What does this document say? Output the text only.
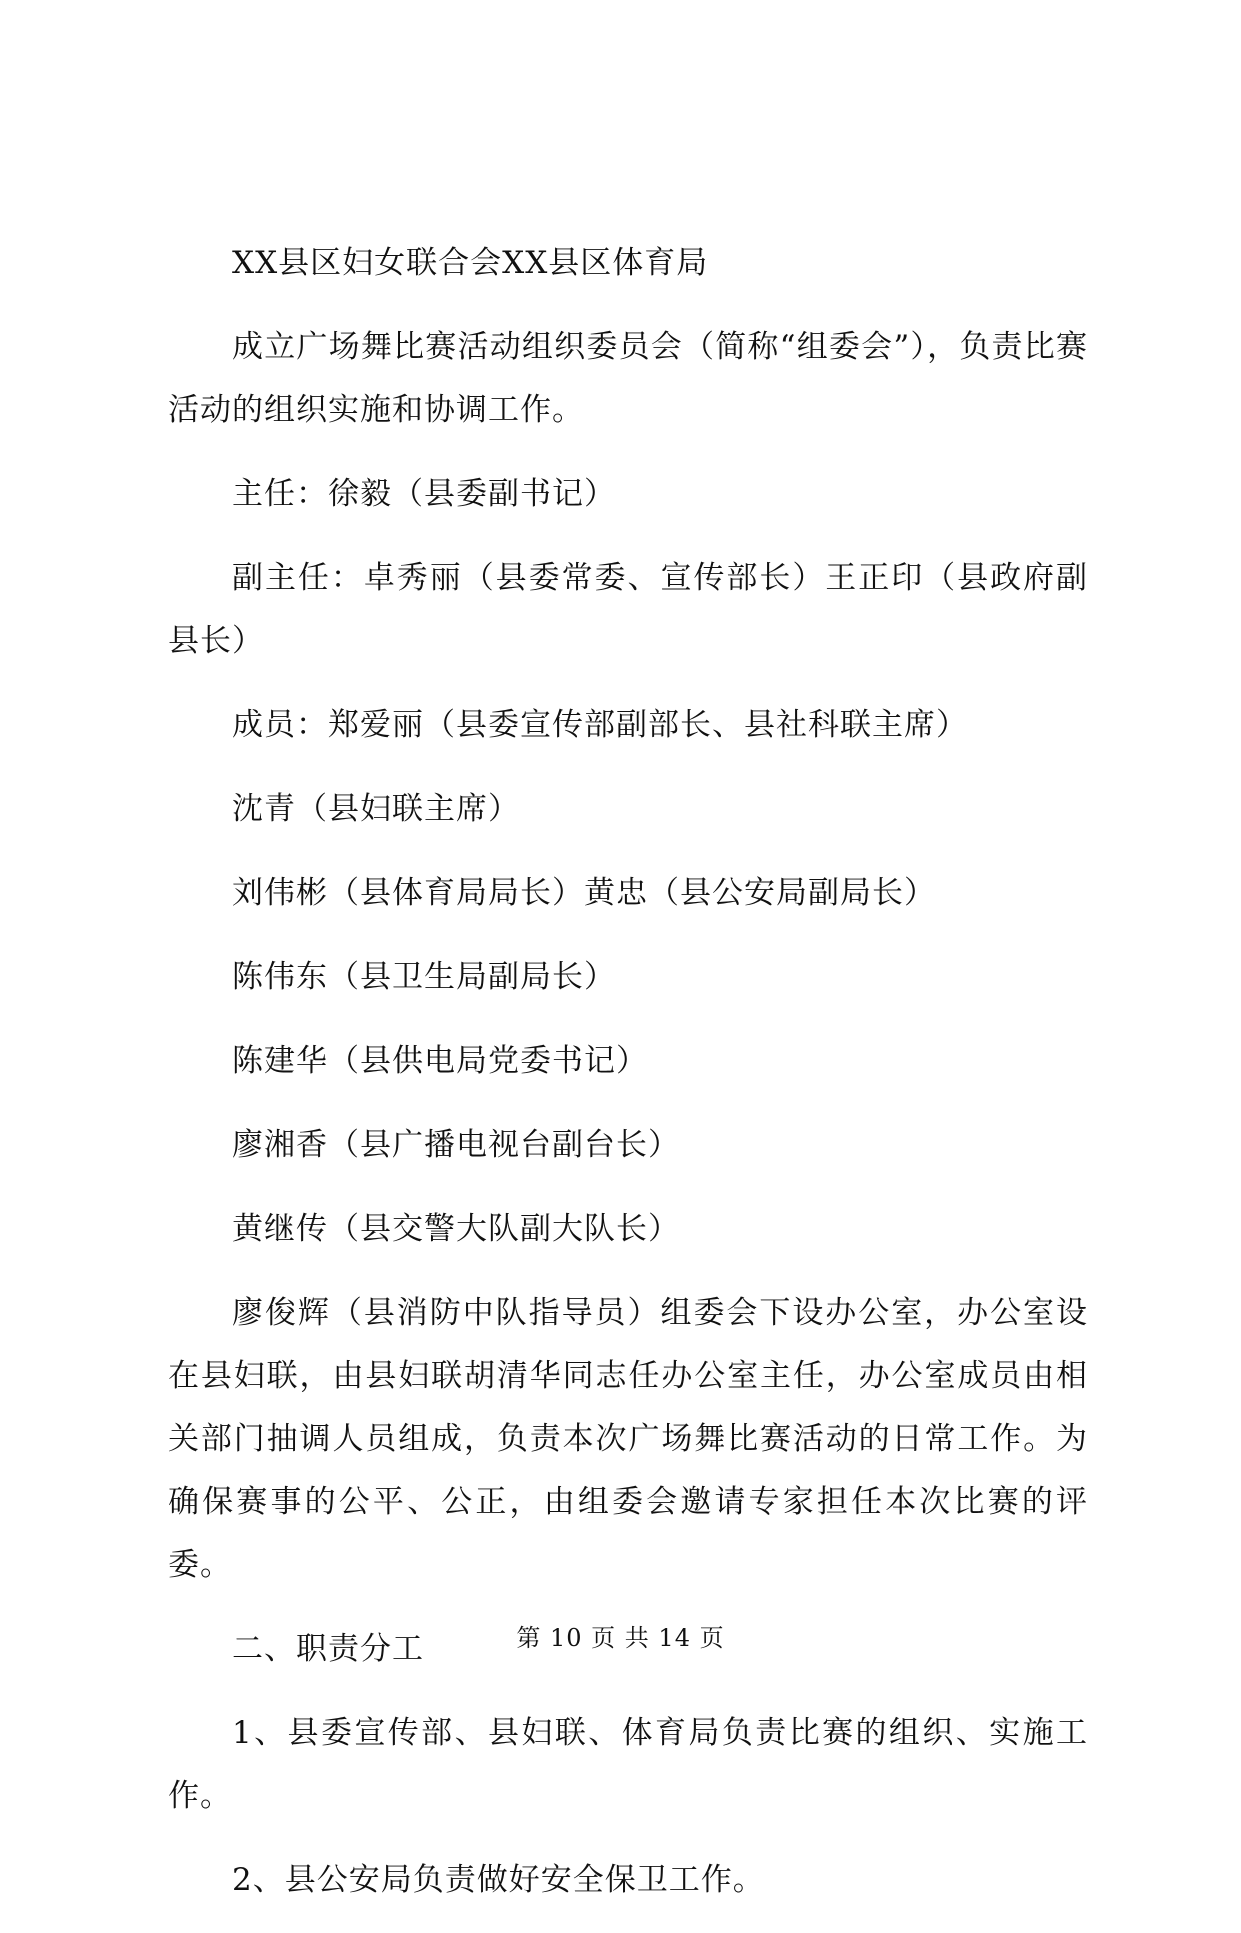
XX县区妇女联合会XX县区体育局

成立广场舞比赛活动组织委员会（简称“组委会”），负责比赛活动的组织实施和协调工作。

主任：徐毅（县委副书记）

副主任：卓秀丽（县委常委、宣传部长）王正印（县政府副县长）

成员：郑爱丽（县委宣传部副部长、县社科联主席）

沈青（县妇联主席）

刘伟彬（县体育局局长）黄忠（县公安局副局长）

陈伟东（县卫生局副局长）

陈建华（县供电局党委书记）

廖湘香（县广播电视台副台长）

黄继传（县交警大队副大队长）

廖俊辉（县消防中队指导员）组委会下设办公室，办公室设在县妇联，由县妇联胡清华同志任办公室主任，办公室成员由相关部门抽调人员组成，负责本次广场舞比赛活动的日常工作。为确保赛事的公平、公正，由组委会邀请专家担任本次比赛的评委。

二、职责分工

1、县委宣传部、县妇联、体育局负责比赛的组织、实施工作。

2、县公安局负责做好安全保卫工作。

第 10 页 共 14 页
